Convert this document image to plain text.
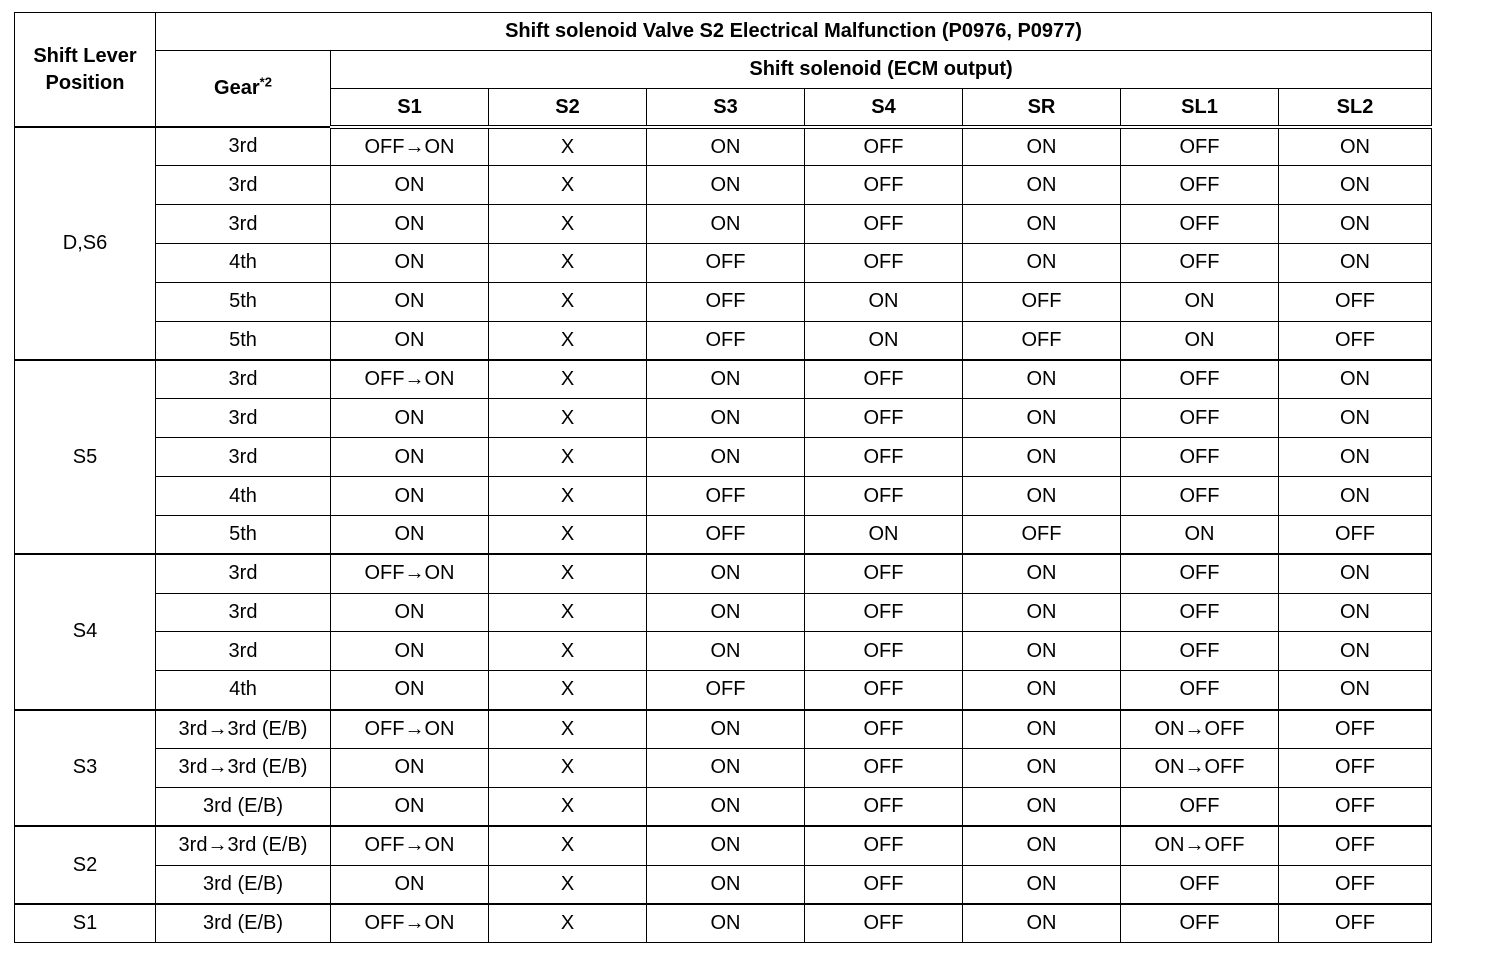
Shift Lever Position	Shift solenoid Valve S2 Electrical Malfunction (P0976, P0977)							
	Gear$^{*2}$	Shift solenoid (ECM output)						
		S1	S2	S3	S4	SR	SL1	SL2
D,S6	3rd	OFF→ON	X	ON	OFF	ON	OFF	ON
	3rd	ON	X	ON	OFF	ON	OFF	ON
	3rd	ON	X	ON	OFF	ON	OFF	ON
	4th	ON	X	OFF	OFF	ON	OFF	ON
	5th	ON	X	OFF	ON	OFF	ON	OFF
	5th	ON	X	OFF	ON	OFF	ON	OFF
S5	3rd	OFF→ON	X	ON	OFF	ON	OFF	ON
	3rd	ON	X	ON	OFF	ON	OFF	ON
	3rd	ON	X	ON	OFF	ON	OFF	ON
	4th	ON	X	OFF	OFF	ON	OFF	ON
	5th	ON	X	OFF	ON	OFF	ON	OFF
S4	3rd	OFF→ON	X	ON	OFF	ON	OFF	ON
	3rd	ON	X	ON	OFF	ON	OFF	ON
	3rd	ON	X	ON	OFF	ON	OFF	ON
	4th	ON	X	OFF	OFF	ON	OFF	ON
S3	3rd→3rd (E/B)	OFF→ON	X	ON	OFF	ON	ON→OFF	OFF
	3rd→3rd (E/B)	ON	X	ON	OFF	ON	ON→OFF	OFF
	3rd (E/B)	ON	X	ON	OFF	ON	OFF	OFF
S2	3rd→3rd (E/B)	OFF→ON	X	ON	OFF	ON	ON→OFF	OFF
	3rd (E/B)	ON	X	ON	OFF	ON	OFF	OFF
S1	3rd (E/B)	OFF→ON	X	ON	OFF	ON	OFF	OFF
